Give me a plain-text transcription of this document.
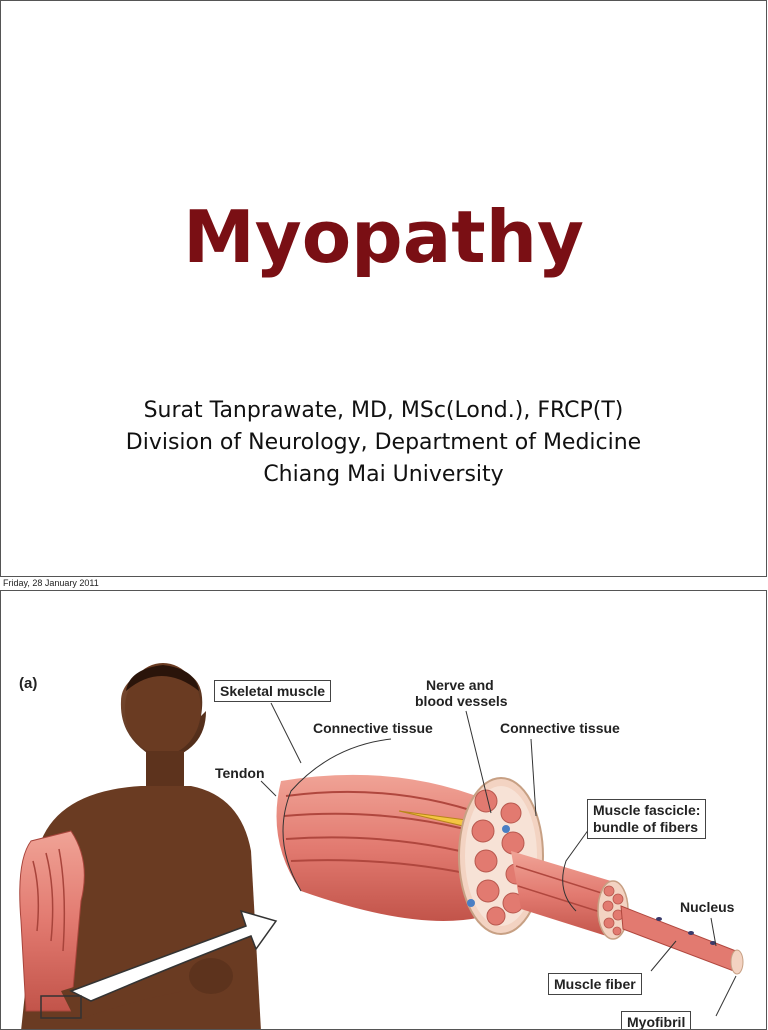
Myopathy
Surat Tanprawate, MD, MSc(Lond.), FRCP(T)
Division of Neurology, Department of Medicine
Chiang Mai University
Friday, 28 January 2011
(a)	Skeletal muscle	Nerve and
blood vessels
Connective tissue	Connective tissue
Tendon
Muscle fascicle:
bundle of fibers
Nucleus
Muscle fiber
Myofibril
